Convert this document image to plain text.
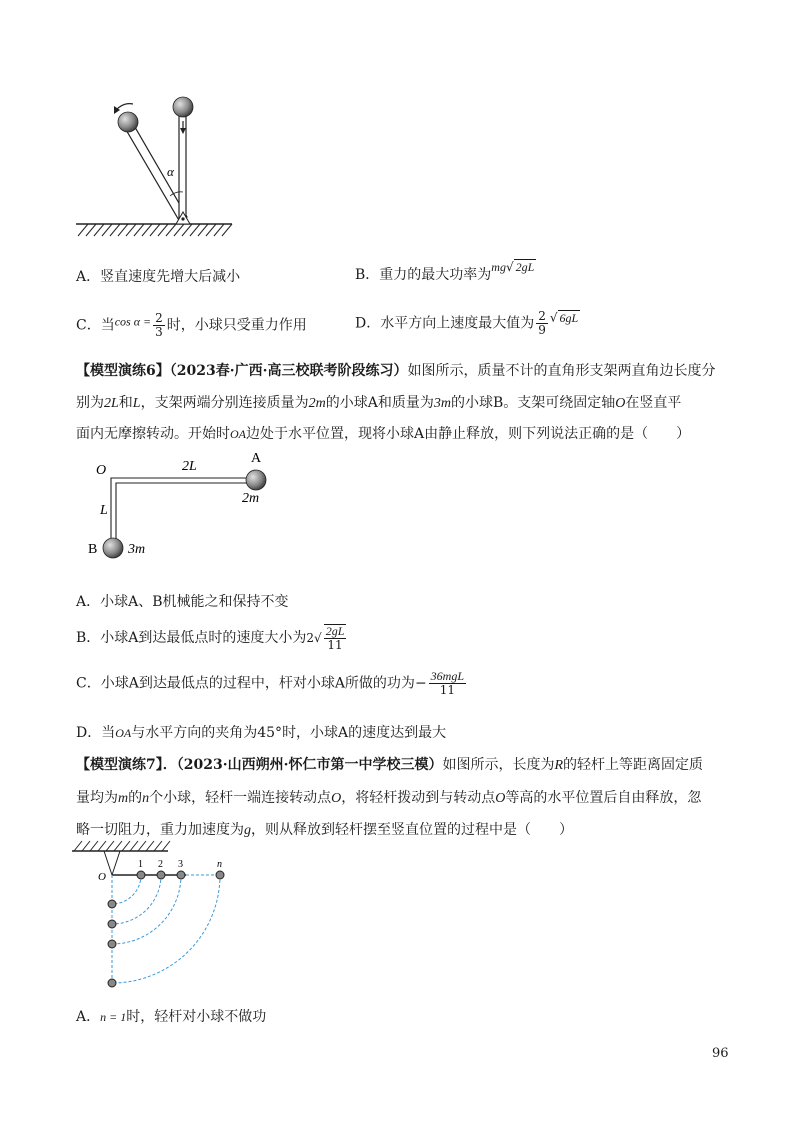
α
A．竖直速度先增大后减小	B．重力的最大功率为mg√ 2gL
C．当$\cos \alpha = \frac{2}{3}$ 时，小球只受重力作用	D．水平方向上速度最大值为 $\frac{2}{9}$ √ 6gL
【模型演练6】（2023春·广西·高三校联考阶段练习）如图所示，质量不计的直角形支架两直角边长度分
别为2L和L，支架两端分别连接质量为2m的小球A和质量为3m的小球B。支架可绕固定轴O在竖直平
面内无摩擦转动。开始时OA边处于水平位置，现将小球A由静止释放，则下列说法正确的是（　　）
O	2L
A
2m
L
B 3m
A．小球A、B机械能之和保持不变
B．小球A到达最低点时的速度大小为$2√ \frac{2gL}{11}$
C．小球A到达最低点的过程中，杆对小球A所做的功为− $\frac{\text{36mgL}}{11}$
D．当OA与水平方向的夹角为45°时，小球A的速度达到最大
【模型演练7】．（2023·山西朔州·怀仁市第一中学校三模）如图所示，长度为R的轻杆上等距离固定质
量均为m的n个小球，轻杆一端连接转动点O，将轻杆拨动到与转动点O等高的水平位置后自由释放，忽
略一切阻力，重力加速度为g，则从释放到轻杆摆至竖直位置的过程中是（　　）
O
1 2 3	n
A．n = 1时，轻杆对小球不做功
96
